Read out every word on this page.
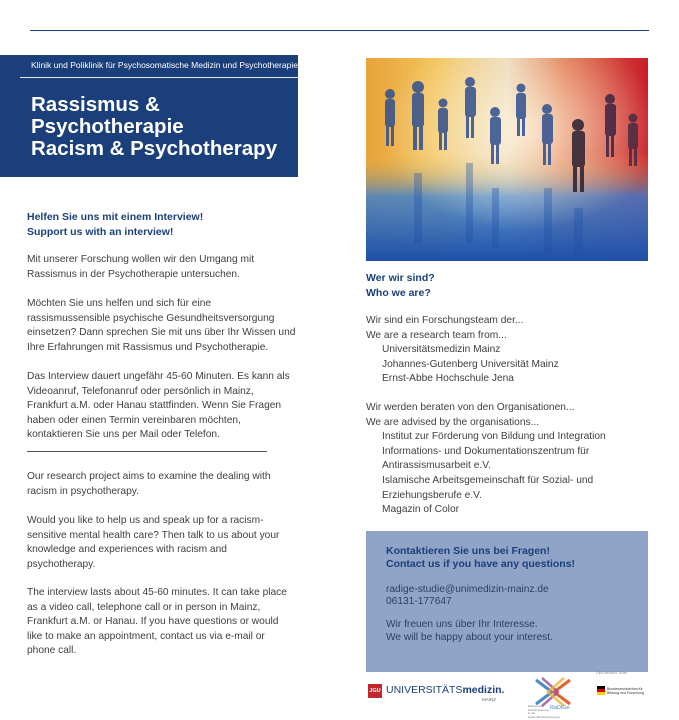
Klinik und Poliklinik für Psychosomatische Medizin und Psychotherapie
Rassismus &
Psychotherapie
Racism & Psychotherapy
Helfen Sie uns mit einem Interview!
Support us with an interview!
Mit unserer Forschung wollen wir den Umgang mit
Rassismus in der Psychotherapie untersuchen.
Möchten Sie uns helfen und sich für eine
rassismussensible psychische Gesundheitsversorgung
einsetzen? Dann sprechen Sie mit uns über Ihr Wissen und
Ihre Erfahrungen mit Rassismus und Psychotherapie.
Das Interview dauert ungefähr 45-60 Minuten. Es kann als
Videoanruf, Telefonanruf oder persönlich in Mainz,
Frankfurt a.M. oder Hanau stattfinden. Wenn Sie Fragen
haben oder einen Termin vereinbaren möchten,
kontaktieren Sie uns per Mail oder Telefon.
Our research project aims to examine the dealing with
racism in psychotherapy.
Would you like to help us and speak up for a racism-
sensitive mental health care? Then talk to us about your
knowledge and experiences with racism and
psychotherapy.
The interview lasts about 45-60 minutes. It can take place
as a video call, telephone call or in person in Mainz,
Frankfurt a.M. or Hanau. If you have questions or would
like to make an appointment, contact us via e-mail or
phone call.
Wer wir sind?
Who we are?
Wir sind ein Forschungsteam der...
We are a research team from...
Universitätsmedizin Mainz
Johannes-Gutenberg Universität Mainz
Ernst-Abbe Hochschule Jena
Wir werden beraten von den Organisationen...
We are advised by the organisations...
Institut zur Förderung von Bildung und Integration
Informations- und Dokumentationszentrum für
Antirassismusarbeit e.V.
Islamische Arbeitsgemeinschaft für Sozial- und
Erziehungsberufe e.V.
Magazin of Color
Kontaktieren Sie uns bei Fragen!
Contact us if you have any questions!
radige-studie@unimedizin-mainz.de
06131-177647
Wir freuen uns über Ihr Interesse.
We will be happy about your interest.
JGU UNIVERSITÄTSmedizin.
MAINZ
Rassismus, Diskriminierung in der Gesundheitsversorgung
RaDiGe
GEFÖRDERT VOM
Bundesministerium für Bildung und Forschung
